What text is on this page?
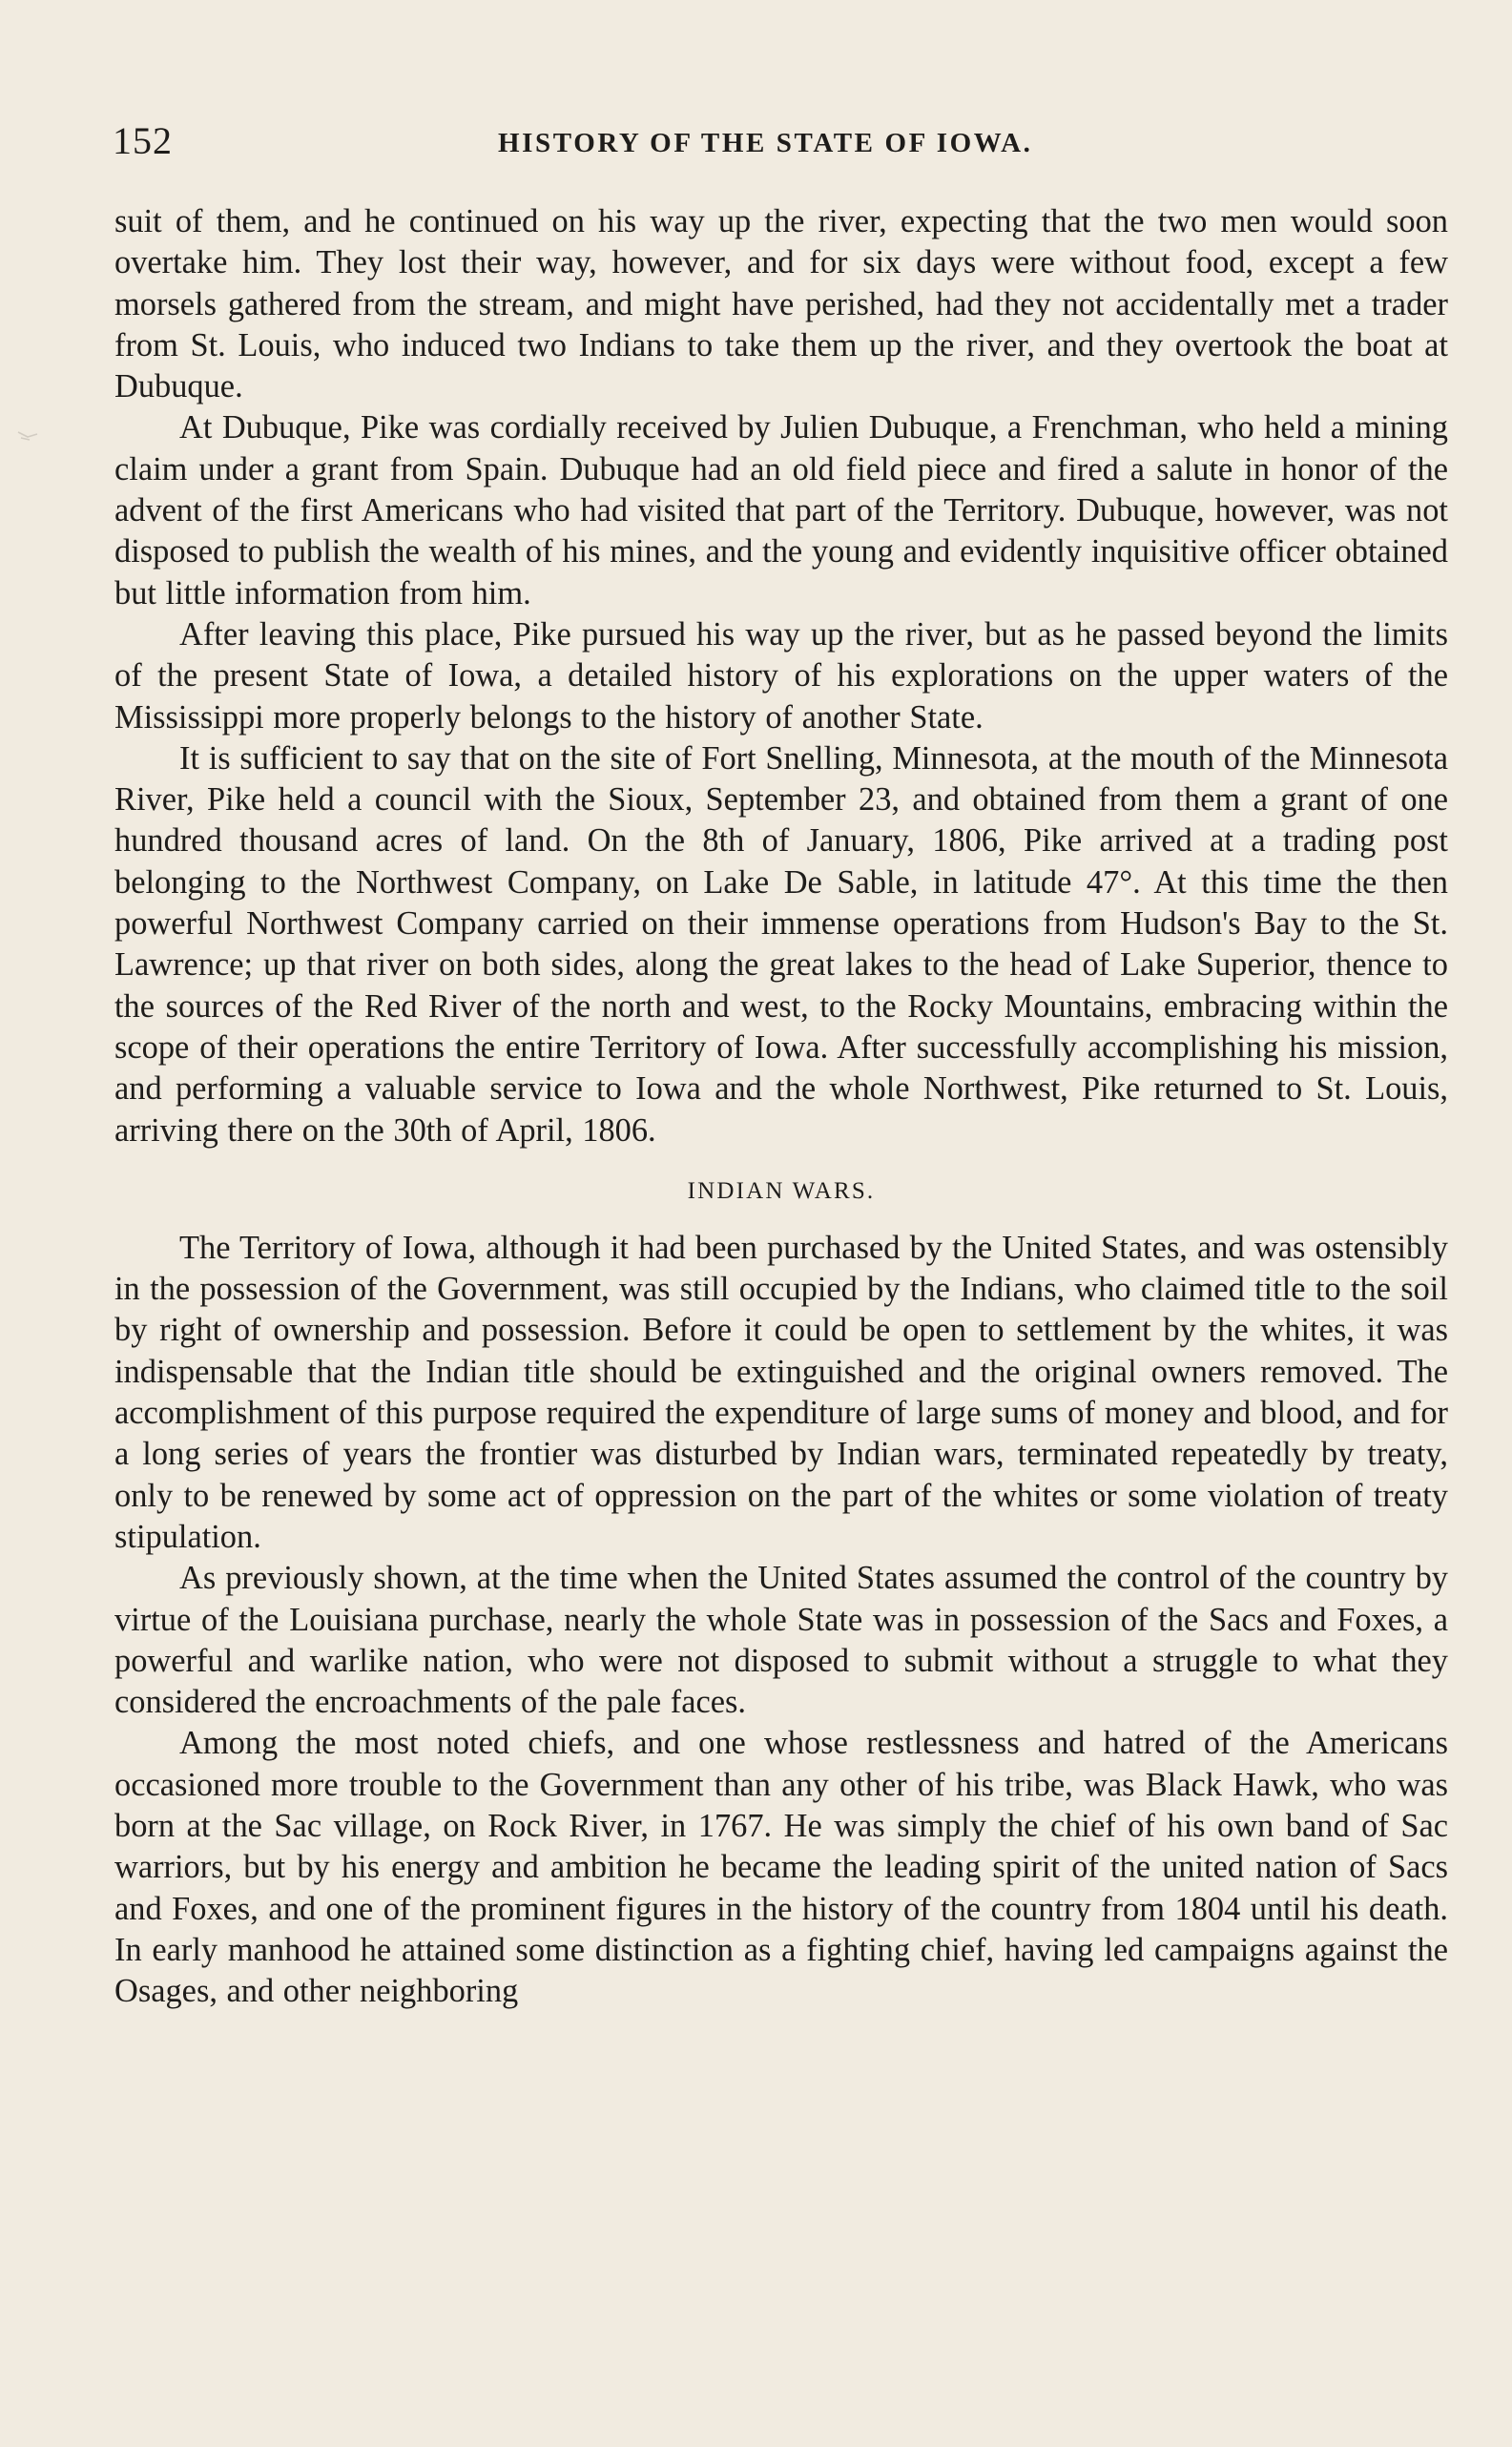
152	HISTORY OF THE STATE OF IOWA.

suit of them, and he continued on his way up the river, expecting that the two men would soon overtake him. They lost their way, however, and for six days were without food, except a few morsels gathered from the stream, and might have perished, had they not accidentally met a trader from St. Louis, who induced two Indians to take them up the river, and they overtook the boat at Dubuque.

At Dubuque, Pike was cordially received by Julien Dubuque, a Frenchman, who held a mining claim under a grant from Spain. Dubuque had an old field piece and fired a salute in honor of the advent of the first Americans who had visited that part of the Territory. Dubuque, however, was not disposed to publish the wealth of his mines, and the young and evidently inquisitive officer obtained but little information from him.

After leaving this place, Pike pursued his way up the river, but as he passed beyond the limits of the present State of Iowa, a detailed history of his explorations on the upper waters of the Mississippi more properly belongs to the history of another State.

It is sufficient to say that on the site of Fort Snelling, Minnesota, at the mouth of the Minnesota River, Pike held a council with the Sioux, September 23, and obtained from them a grant of one hundred thousand acres of land. On the 8th of January, 1806, Pike arrived at a trading post belonging to the Northwest Company, on Lake De Sable, in latitude 47°. At this time the then powerful Northwest Company carried on their immense operations from Hudson's Bay to the St. Lawrence; up that river on both sides, along the great lakes to the head of Lake Superior, thence to the sources of the Red River of the north and west, to the Rocky Mountains, embracing within the scope of their operations the entire Territory of Iowa. After successfully accomplishing his mission, and performing a valuable service to Iowa and the whole Northwest, Pike returned to St. Louis, arriving there on the 30th of April, 1806.

INDIAN WARS.

The Territory of Iowa, although it had been purchased by the United States, and was ostensibly in the possession of the Government, was still occupied by the Indians, who claimed title to the soil by right of ownership and possession. Before it could be open to settlement by the whites, it was indispensable that the Indian title should be extinguished and the original owners removed. The accomplishment of this purpose required the expenditure of large sums of money and blood, and for a long series of years the frontier was disturbed by Indian wars, terminated repeatedly by treaty, only to be renewed by some act of oppression on the part of the whites or some violation of treaty stipulation.

As previously shown, at the time when the United States assumed the control of the country by virtue of the Louisiana purchase, nearly the whole State was in possession of the Sacs and Foxes, a powerful and warlike nation, who were not disposed to submit without a struggle to what they considered the encroachments of the pale faces.

Among the most noted chiefs, and one whose restlessness and hatred of the Americans occasioned more trouble to the Government than any other of his tribe, was Black Hawk, who was born at the Sac village, on Rock River, in 1767. He was simply the chief of his own band of Sac warriors, but by his energy and ambition he became the leading spirit of the united nation of Sacs and Foxes, and one of the prominent figures in the history of the country from 1804 until his death. In early manhood he attained some distinction as a fighting chief, having led campaigns against the Osages, and other neighboring
